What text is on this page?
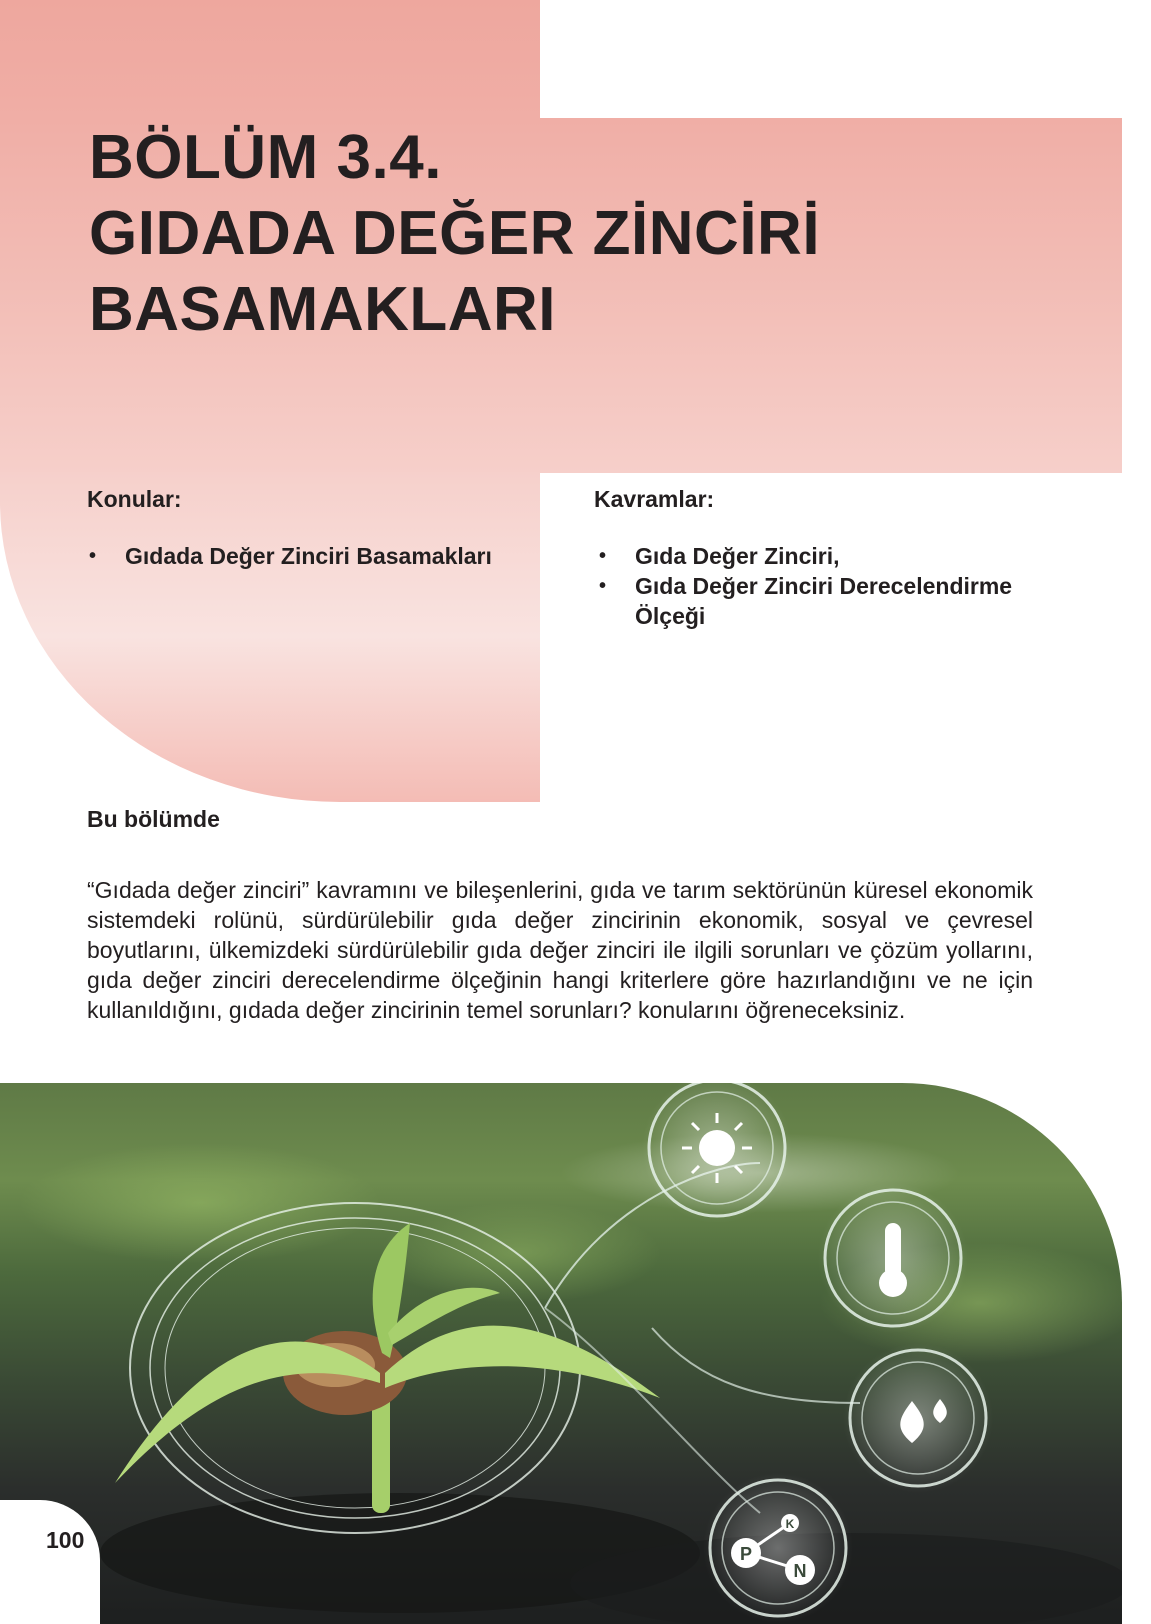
BÖLÜM 3.4.
GIDADA DEĞER ZİNCİRİ
BASAMAKLARI
Konular:
• Gıdada Değer Zinciri Basamakları
Kavramlar:
• Gıda Değer Zinciri,
• Gıda Değer Zinciri Derecelendirme Ölçeği
Bu bölümde

“Gıdada değer zinciri” kavramını ve bileşenlerini, gıda ve tarım sektörünün küresel ekonomik sistemdeki rolünü, sürdürülebilir gıda değer zincirinin ekonomik, sosyal ve çevresel boyutlarını, ülkemizdeki sürdürülebilir gıda değer zinciri ile ilgili sorunları ve çözüm yollarını, gıda değer zinciri derecelendirme ölçeğinin hangi kriterlere göre hazırlandığını ve ne için kullanıldığını, gıdada değer zincirinin temel sorunları? konularını öğreneceksiniz.

P
K
N
100
